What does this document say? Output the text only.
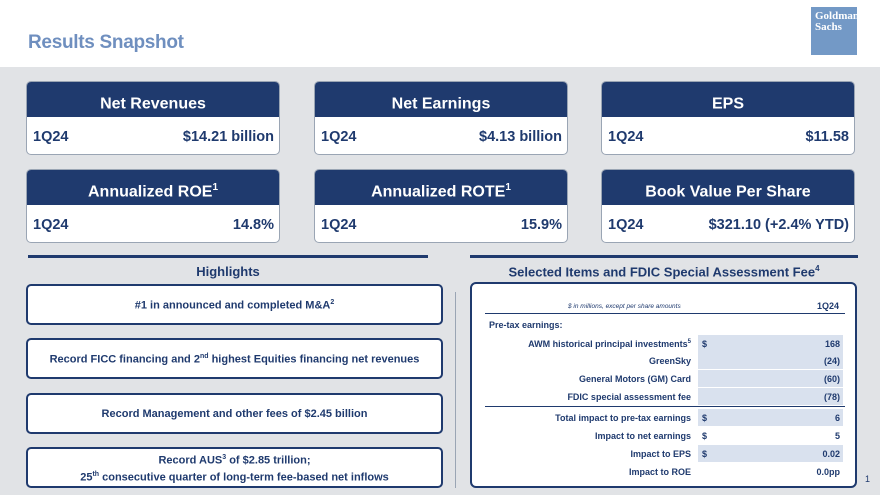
Results Snapshot
Goldman
Sachs
Net Revenues
1Q24	$14.21 billion
Net Earnings
1Q24	$4.13 billion
EPS
1Q24	$11.58
Annualized ROE$^1$
1Q24	14.8%
Annualized ROTE$^1$
1Q24	15.9%
Book Value Per Share
1Q24	$321.10 (+2.4% YTD)
Highlights	Selected Items and FDIC Special Assessment Fee$^4$
#1 in announced and completed $M\&A^2$
Record FICC financing and 2nd highest Equities financing net revenues
Record Management and other fees of $2.45 billion
Record AUS$^3$ of $2.85 trillion;
25th consecutive quarter of long-term fee-based net inflows
$ in millions, except per share amounts	1Q24
Pre-tax earnings:
AWM historical principal investments$^5$ $	168
GreenSky	(24)
General Motors (GM) Card	(60)
FDIC special assessment fee	(78)
Total impact to pre-tax earnings $	6
Impact to net earnings $	5
Impact to EPS $	0.02
Impact to ROE	0.0pp
1
